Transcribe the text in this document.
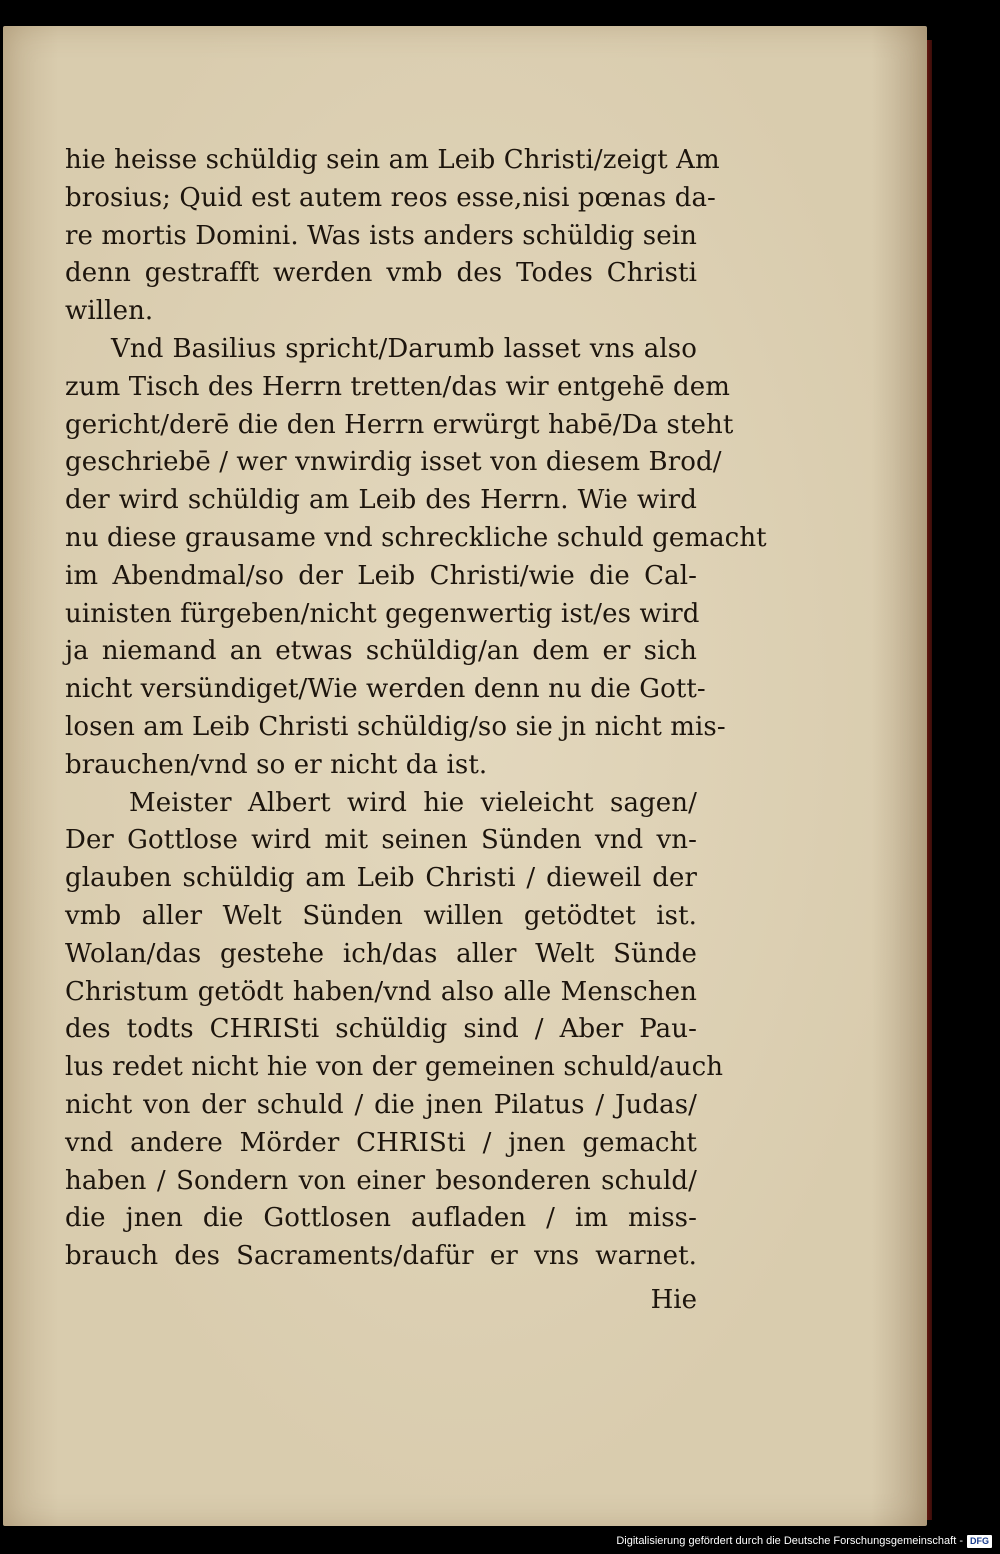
hie heisse schüldig sein am Leib Christi/zeigt Am
brosius; Quid est autem reos esse,nisi pœnas da-
re mortis Domini. Was ists anders schüldig sein
denn gestrafft werden vmb des Todes Christi
willen.
Vnd Basilius spricht/Darumb lasset vns also
zum Tisch des Herrn tretten/das wir entgehē dem
gericht/derē die den Herrn erwürgt habē/Da steht
geschriebē / wer vnwirdig isset von diesem Brod/
der wird schüldig am Leib des Herrn. Wie wird
nu diese grausame vnd schreckliche schuld gemacht
im Abendmal/so der Leib Christi/wie die Cal-
uinisten fürgeben/nicht gegenwertig ist/es wird
ja niemand an etwas schüldig/an dem er sich
nicht versündiget/Wie werden denn nu die Gott-
losen am Leib Christi schüldig/so sie jn nicht mis-
brauchen/vnd so er nicht da ist.
Meister Albert wird hie vieleicht sagen/
Der Gottlose wird mit seinen Sünden vnd vn-
glauben schüldig am Leib Christi / dieweil der
vmb aller Welt Sünden willen getödtet ist.
Wolan/das gestehe ich/das aller Welt Sünde
Christum getödt haben/vnd also alle Menschen
des todts CHRISti schüldig sind / Aber Pau-
lus redet nicht hie von der gemeinen schuld/auch
nicht von der schuld / die jnen Pilatus / Judas/
vnd andere Mörder CHRISti / jnen gemacht
haben / Sondern von einer besonderen schuld/
die jnen die Gottlosen aufladen / im miss-
brauch des Sacraments/dafür er vns warnet.
Hie
Digitalisierung gefördert durch die Deutsche Forschungsgemeinschaft - DFG
